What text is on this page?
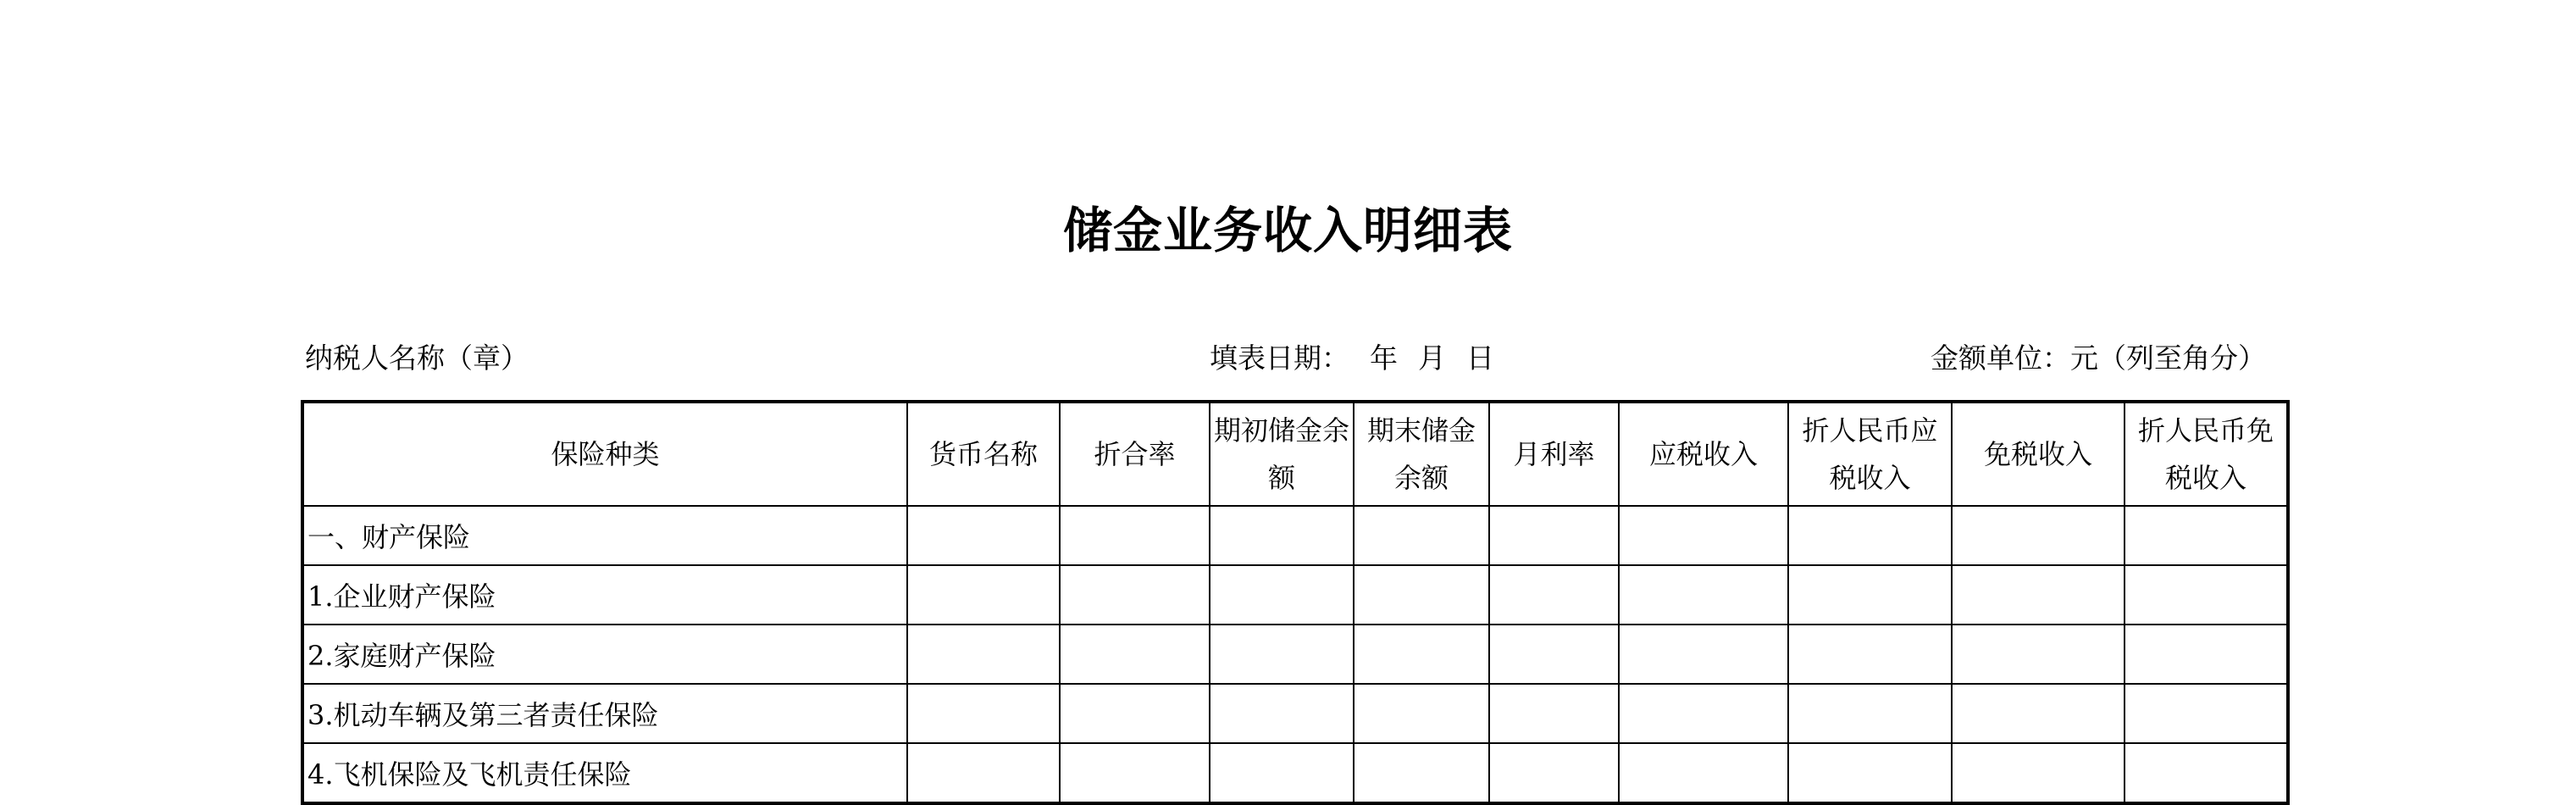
储金业务收入明细表
纳税人名称（章）	填表日期： 年 月 日	金额单位：元（列至角分）
保险种类	货币名称	折合率	期初储金余额	期末储金余额	月利率	应税收入	折人民币应税收入	免税收入	折人民币免税收入

一、财产保险									
1.企业财产保险									
2.家庭财产保险									
3.机动车辆及第三者责任保险									
4.飞机保险及飞机责任保险									
